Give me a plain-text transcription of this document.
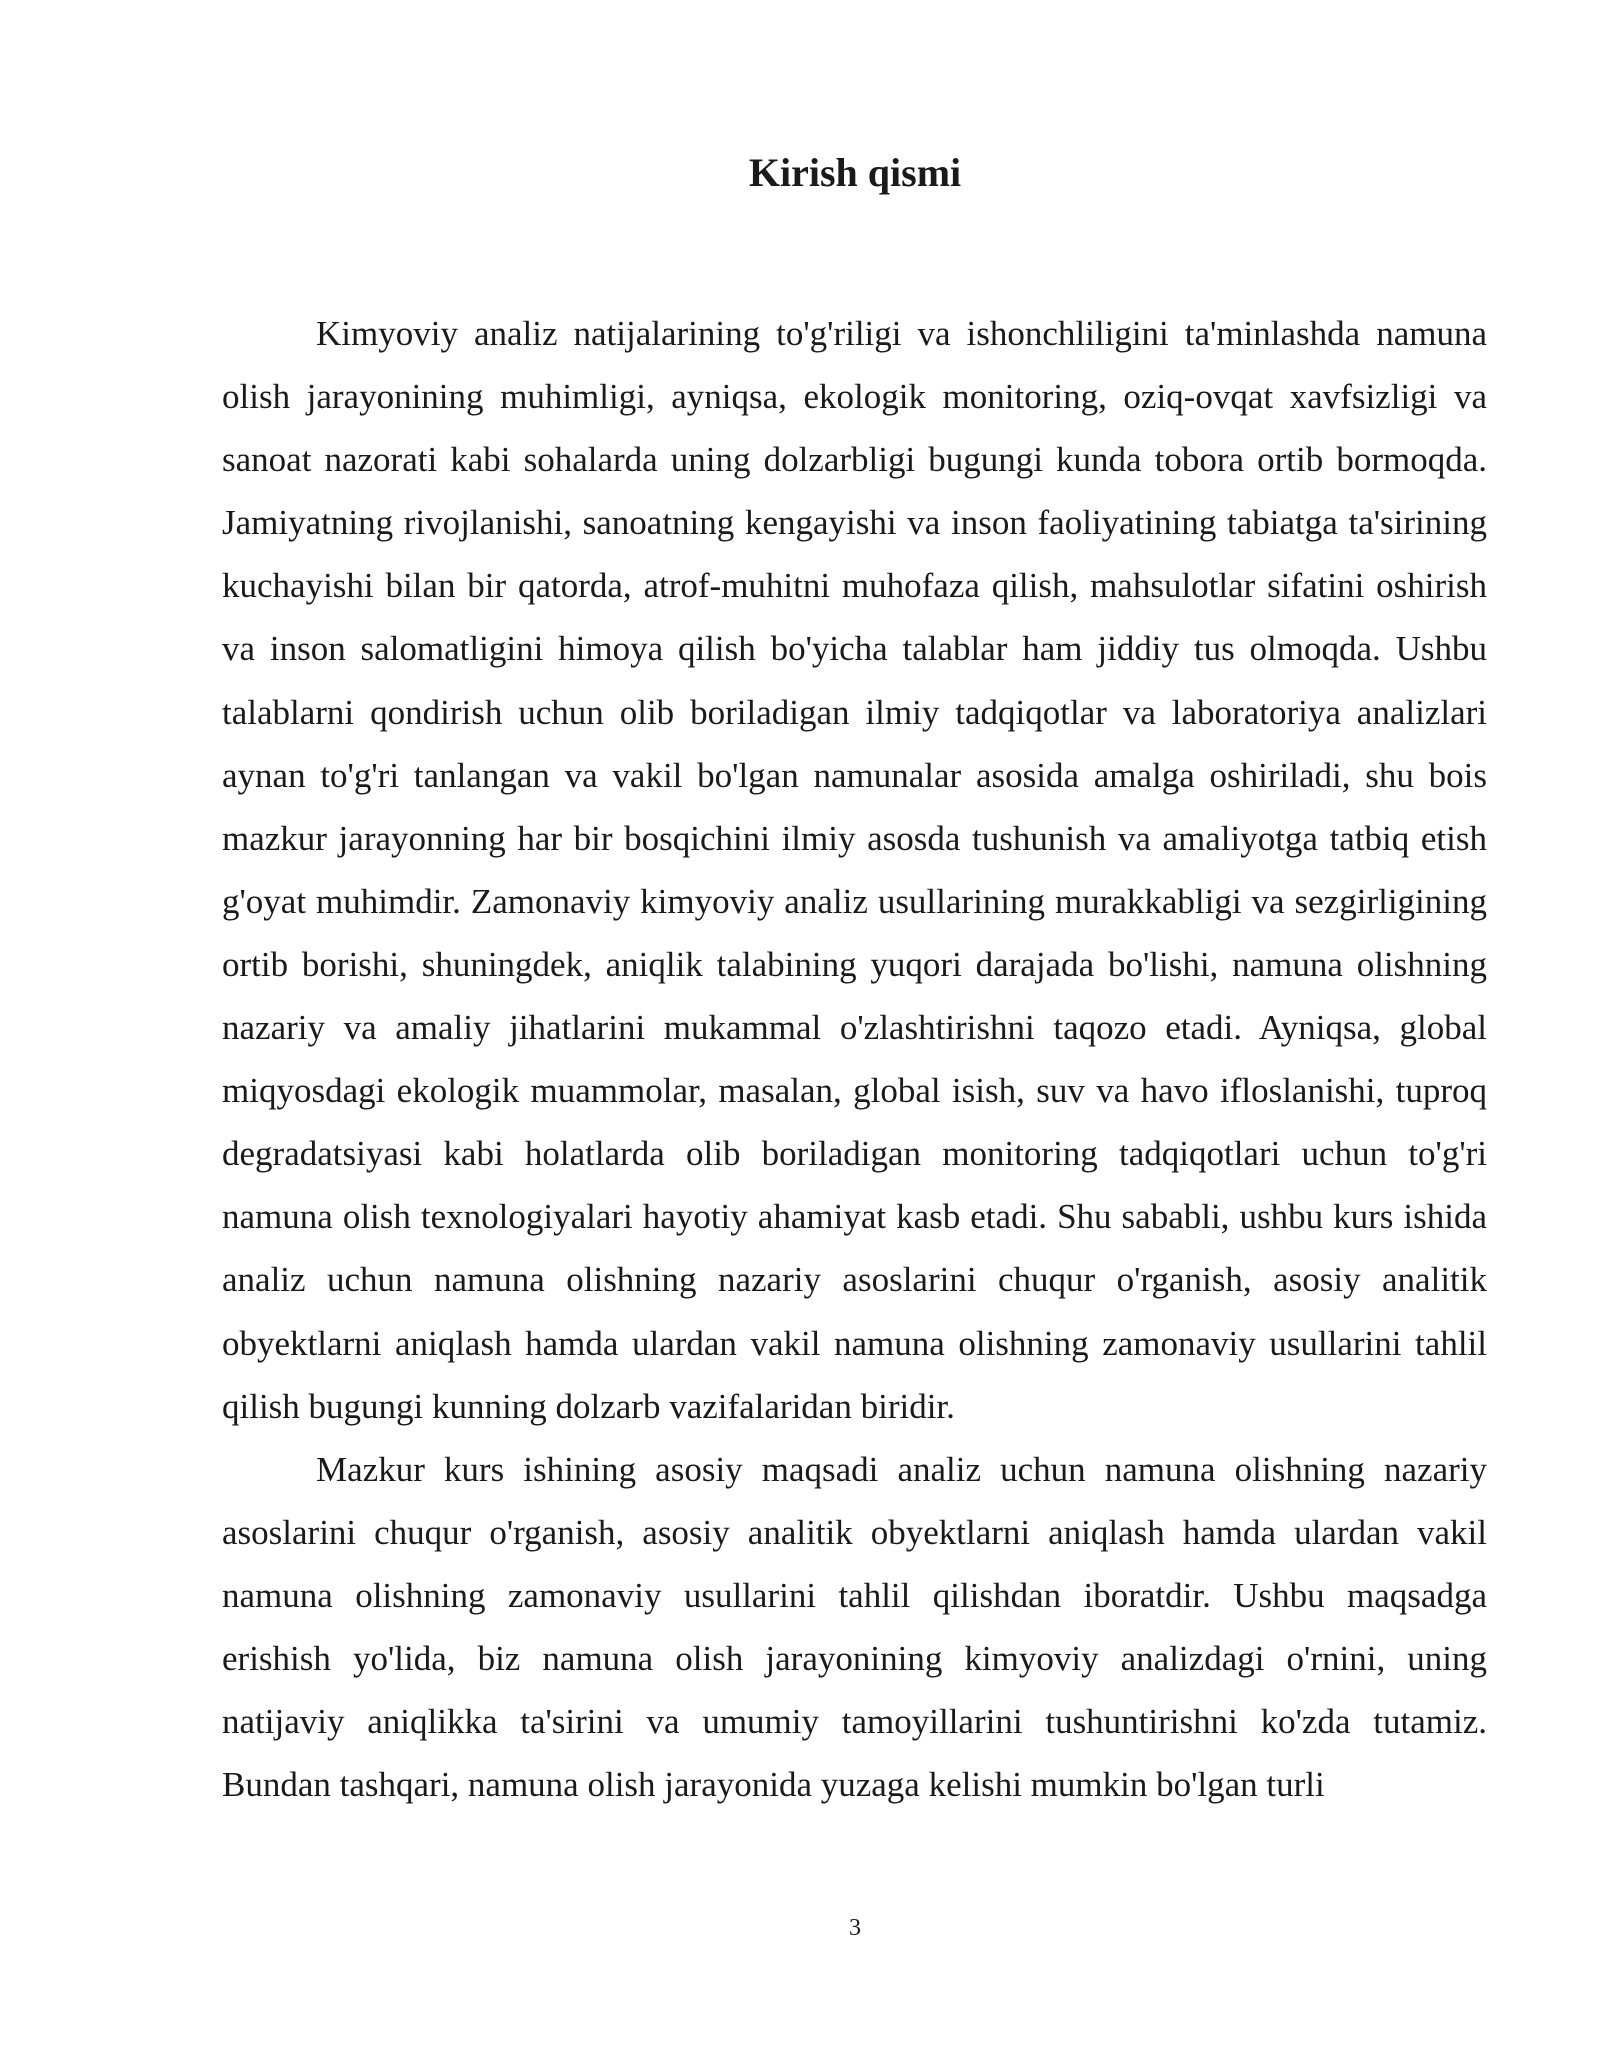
Kirish qismi

Kimyoviy analiz natijalarining to'g'riligi va ishonchliligini ta'minlashda namuna olish jarayonining muhimligi, ayniqsa, ekologik monitoring, oziq-ovqat xavfsizligi va sanoat nazorati kabi sohalarda uning dolzarbligi bugungi kunda tobora ortib bormoqda. Jamiyatning rivojlanishi, sanoatning kengayishi va inson faoliyatining tabiatga ta'sirining kuchayishi bilan bir qatorda, atrof-muhitni muhofaza qilish, mahsulotlar sifatini oshirish va inson salomatligini himoya qilish bo'yicha talablar ham jiddiy tus olmoqda. Ushbu talablarni qondirish uchun olib boriladigan ilmiy tadqiqotlar va laboratoriya analizlari aynan to'g'ri tanlangan va vakil bo'lgan namunalar asosida amalga oshiriladi, shu bois mazkur jarayonning har bir bosqichini ilmiy asosda tushunish va amaliyotga tatbiq etish g'oyat muhimdir. Zamonaviy kimyoviy analiz usullarining murakkabligi va sezgirligining ortib borishi, shuningdek, aniqlik talabining yuqori darajada bo'lishi, namuna olishning nazariy va amaliy jihatlarini mukammal o'zlashtirishni taqozo etadi. Ayniqsa, global miqyosdagi ekologik muammolar, masalan, global isish, suv va havo ifloslanishi, tuproq degradatsiyasi kabi holatlarda olib boriladigan monitoring tadqiqotlari uchun to'g'ri namuna olish texnologiyalari hayotiy ahamiyat kasb etadi. Shu sababli, ushbu kurs ishida analiz uchun namuna olishning nazariy asoslarini chuqur o'rganish, asosiy analitik obyektlarni aniqlash hamda ulardan vakil namuna olishning zamonaviy usullarini tahlil qilish bugungi kunning dolzarb vazifalaridan biridir.

Mazkur kurs ishining asosiy maqsadi analiz uchun namuna olishning nazariy asoslarini chuqur o'rganish, asosiy analitik obyektlarni aniqlash hamda ulardan vakil namuna olishning zamonaviy usullarini tahlil qilishdan iboratdir. Ushbu maqsadga erishish yo'lida, biz namuna olish jarayonining kimyoviy analizdagi o'rnini, uning natijaviy aniqlikka ta'sirini va umumiy tamoyillarini tushuntirishni ko'zda tutamiz. Bundan tashqari, namuna olish jarayonida yuzaga kelishi mumkin bo'lgan turli

3
